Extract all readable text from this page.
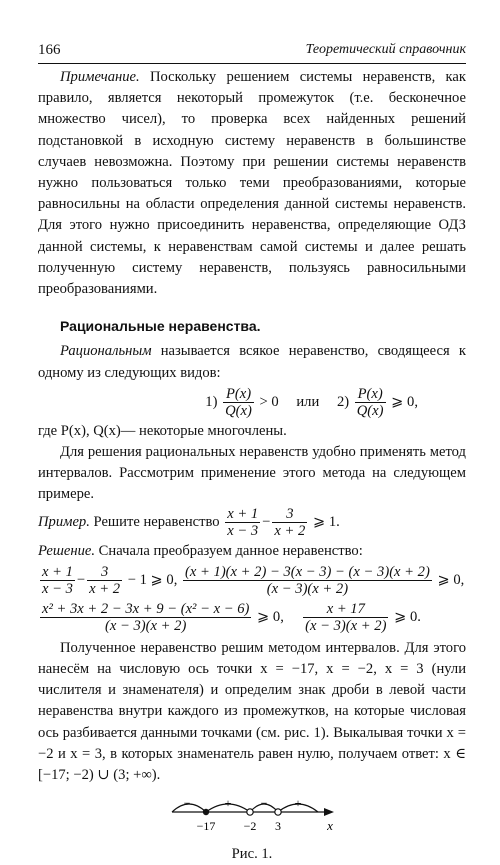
166	Теоретический справочник

Примечание. Поскольку решением системы неравенств, как правило, является некоторый промежуток (т.е. бесконечное множество чисел), то проверка всех найденных решений подстановкой в исходную систему неравенств в большинстве случаев невозможна. Поэтому при решении системы неравенств нужно пользоваться только теми преобразованиями, которые равносильны на области определения данной системы неравенств. Для этого нужно присоединить неравенства, определяющие ОДЗ данной системы, к неравенствам самой системы и далее решать полученную систему неравенств, пользуясь равносильными преобразованиями.

Рациональные неравенства.

Рациональным называется всякое неравенство, сводящееся к одному из следующих видов:

$1) \frac{P(x)}{Q(x)} > 0$ или $2) \frac{P(x)}{Q(x)}$ ⩾ 0,

где P(x), Q(x)— некоторые многочлены.

Для решения рациональных неравенств удобно применять метод интервалов. Рассмотрим применение этого метода на следующем примере.

Пример. Решите неравенство $\frac{x + 1}{x - 3} - \frac{3}{x + 2}$ ⩾ 1.

Решение. Сначала преобразуем данное неравенство:

$\frac{x + 1}{x - 3} - \frac{3}{x + 2} - 1$ ⩾ 0, $\frac{(x + 1)(x + 2) - 3(x - 3) - (x - 3)(x + 2)}{(x - 3)(x + 2)}$ ⩾ 0,
$\frac{\text{x² + 3x + 2 − 3x + 9 − (x² − x − 6)}}{(x - 3)(x + 2)}$ ⩾ 0, $\frac{x + 17}{(x - 3)(x + 2)}$ ⩾ 0.

Полученное неравенство решим методом интервалов. Для этого нанесём на числовую ось точки x = −17, x = −2, x = 3 (нули числителя и знаменателя) и определим знак дроби в левой части неравенства внутри каждого из промежутков, на которые числовая ось разбивается данными точками (см. рис. 1). Выкалывая точки x = −2 и x = 3, в которых знаменатель равен нулю, получаем ответ: x ∈ [−17; −2) ∪ (3; +∞).

−	+ − +
−17 −2 3	x
Рис. 1.
